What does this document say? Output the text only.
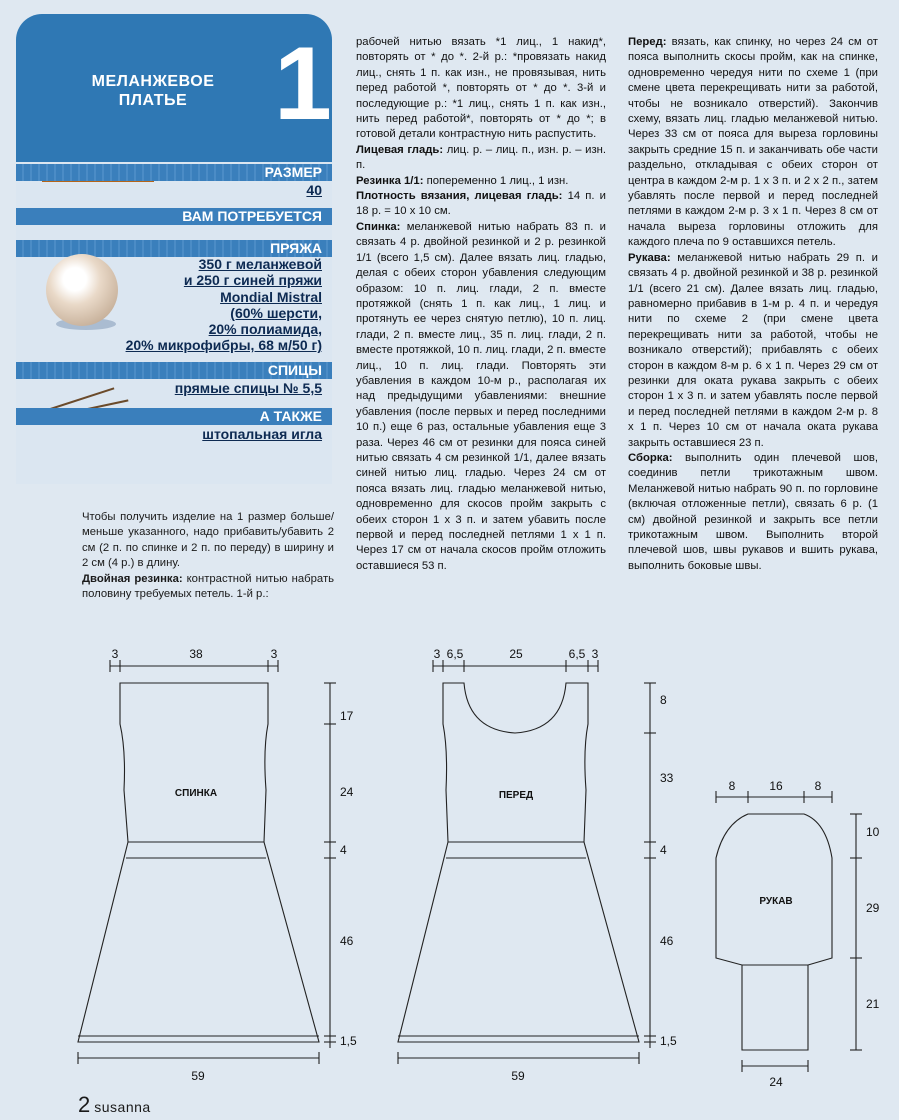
МЕЛАНЖЕВОЕ
ПЛАТЬЕ 1
РАЗМЕР
40
ВАМ ПОТРЕБУЕТСЯ
ПРЯЖА
350 г меланжевой
и 250 г синей пряжи
Mondial Mistral
(60% шерсти,
20% полиамида,
20% микрофибры, 68 м/50 г)
СПИЦЫ
прямые спицы № 5,5
А ТАКЖЕ
штопальная игла
Чтобы получить изделие на 1 размер больше/меньше указанного, надо прибавить/убавить 2 см (2 п. по спинке и 2 п. по переду) в ширину и 2 см (4 р.) в длину.
Двойная резинка: контрастной нитью набрать половину требуемых петель. 1-й р.:
рабочей нитью вязать *1 лиц., 1 накид*, повторять от * до *. 2-й р.: *провязать накид лиц., снять 1 п. как изн., не провязывая, нить перед работой *, повторять от * до *. 3-й и последующие р.: *1 лиц., снять 1 п. как изн., нить перед работой*, повторять от * до *; в готовой детали контрастную нить распустить.
Лицевая гладь: лиц. р. – лиц. п., изн. р. – изн. п.
Резинка 1/1: попеременно 1 лиц., 1 изн.
Плотность вязания, лицевая гладь: 14 п. и 18 р. = 10 х 10 см.
Спинка: меланжевой нитью набрать 83 п. и связать 4 р. двойной резинкой и 2 р. резинкой 1/1 (всего 1,5 см). Далее вязать лиц. гладью, делая с обеих сторон убавления следующим образом: 10 п. лиц. глади, 2 п. вместе протяжкой (снять 1 п. как лиц., 1 лиц. и протянуть ее через снятую петлю), 10 п. лиц. глади, 2 п. вместе лиц., 35 п. лиц. глади, 2 п. вместе протяжкой, 10 п. лиц. глади, 2 п. вместе лиц., 10 п. лиц. глади. Повторять эти убавления в каждом 10-м р., располагая их над предыдущими убавлениями: внешние убавления (после первых и перед последними 10 п.) еще 6 раз, остальные убавления еще 3 раза. Через 46 см от резинки для пояса синей нитью связать 4 см резинкой 1/1, далее вязать синей нитью лиц. гладью. Через 24 см от пояса вязать лиц. гладью меланжевой нитью, одновременно для скосов пройм закрыть с обеих сторон 1 х 3 п. и затем убавить после первой и перед последней петлями 1 х 1 п. Через 17 см от начала скосов пройм отложить оставшиеся 53 п.
Перед: вязать, как спинку, но через 24 см от пояса выполнить скосы пройм, как на спинке, одновременно чередуя нити по схеме 1 (при смене цвета перекрещивать нити за работой, чтобы не возникало отверстий). Закончив схему, вязать лиц. гладью меланжевой нитью. Через 33 см от пояса для выреза горловины закрыть средние 15 п. и заканчивать обе части раздельно, откладывая с обеих сторон от центра в каждом 2-м р. 1 х 3 п. и 2 х 2 п., затем убавлять после первой и перед последней петлями в каждом 2-м р. 3 х 1 п. Через 8 см от начала выреза горловины отложить для каждого плеча по 9 оставшихся петель.
Рукава: меланжевой нитью набрать 29 п. и связать 4 р. двойной резинкой и 38 р. резинкой 1/1 (всего 21 см). Далее вязать лиц. гладью, равномерно прибавив в 1-м р. 4 п. и чередуя нити по схеме 2 (при смене цвета перекрещивать нити за работой, чтобы не возникало отверстий); прибавлять с обеих сторон в каждом 8-м р. 6 х 1 п. Через 29 см от резинки для оката рукава закрыть с обеих сторон 1 х 3 п. и затем убавлять после первой и перед последней петлями в каждом 2-м р. 8 х 1 п. Через 10 см от начала оката рукава закрыть оставшиеся 23 п.
Сборка: выполнить один плечевой шов, соединив петли трикотажным швом. Меланжевой нитью набрать 90 п. по горловине (включая отложенные петли), связать 6 р. (1 см) двойной резинкой и закрыть все петли трикотажным швом. Выполнить второй плечевой шов, швы рукавов и вшить рукава, выполнить боковые швы.
СПИНКА
3	38	3
17
24
4
46
1,5
59
ПЕРЕД
3 6,5	25	6,5 3
8
33
4
46
1,5
59
РУКАВ
8	16	8
10
29
21
24
2 susanna
